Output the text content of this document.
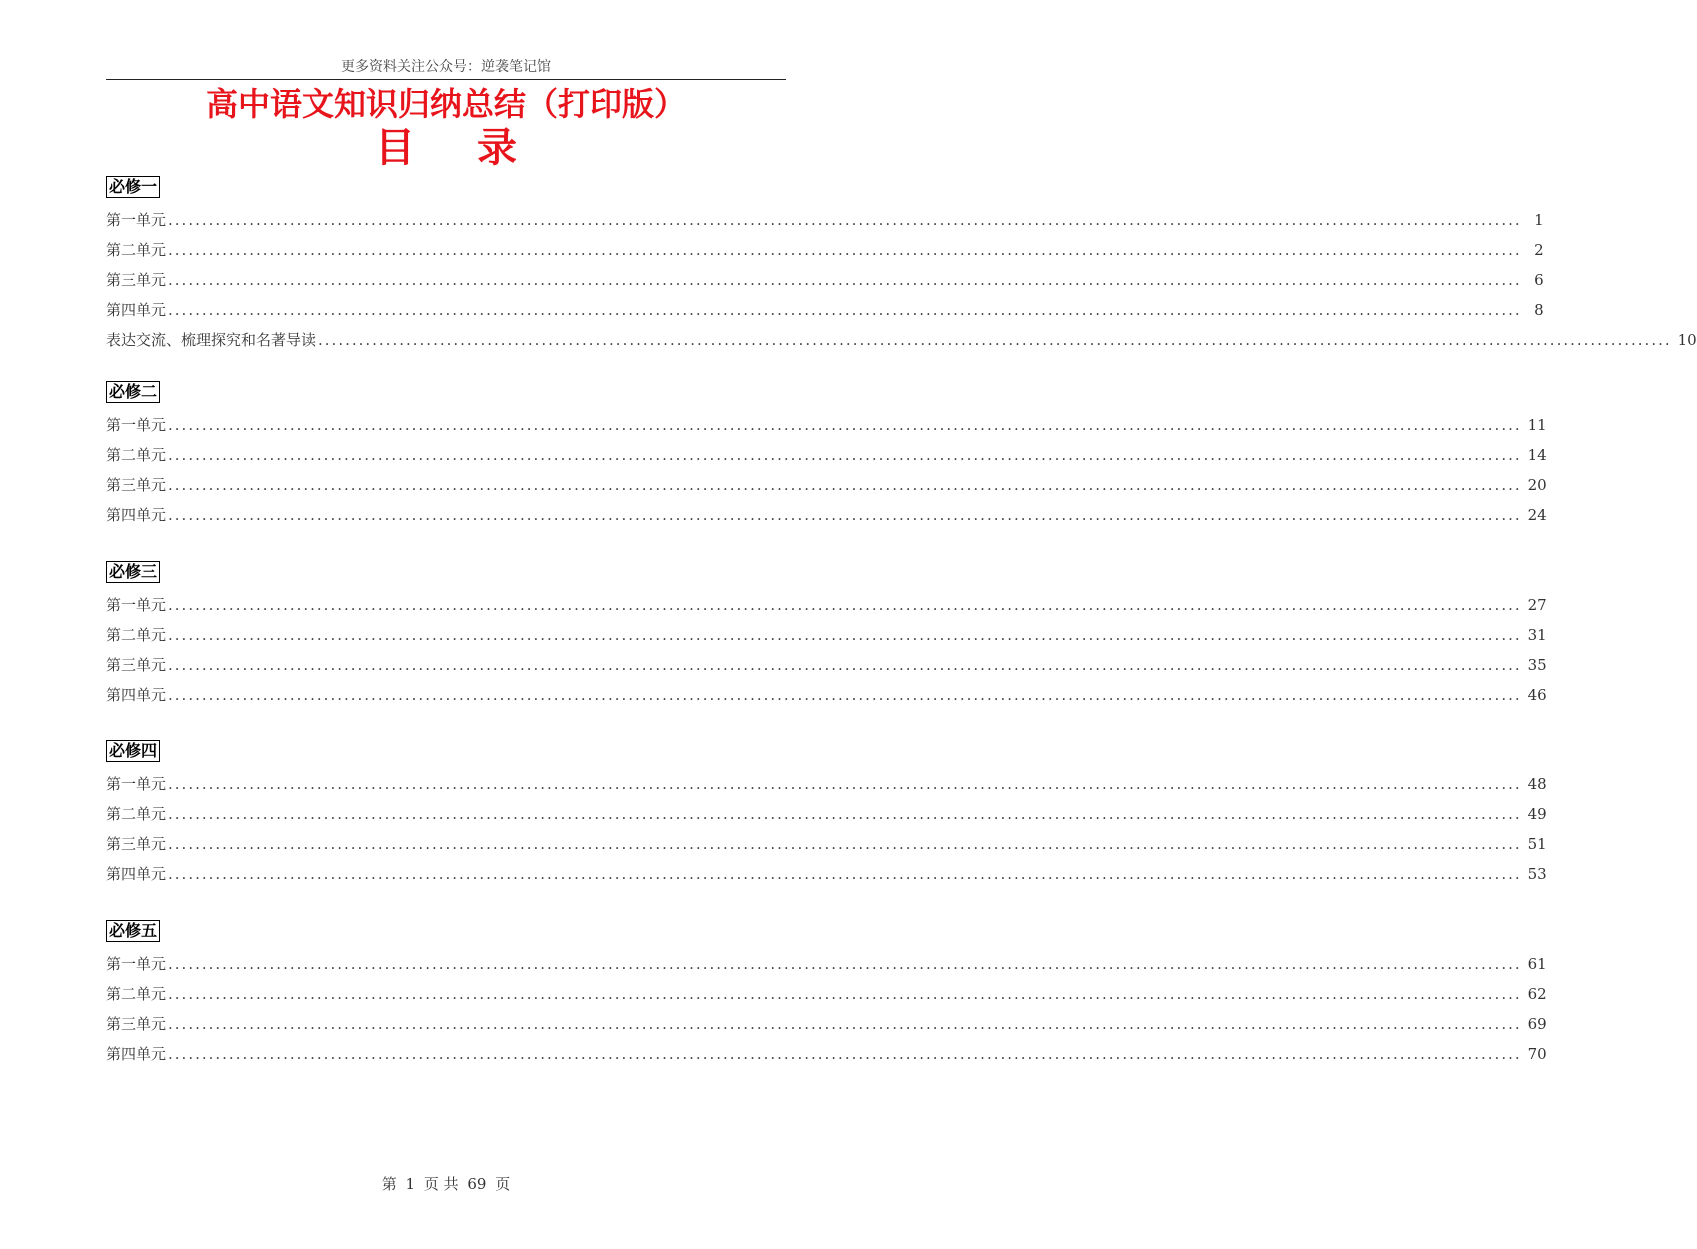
更多资料关注公众号：逆袭笔记馆
高中语文知识归纳总结（打印版）
目录
必修一
第一单元 ........................................................................................................................................................................................................ 1
第二单元 ........................................................................................................................................................................................................ 2
第三单元 ........................................................................................................................................................................................................ 6
第四单元 ........................................................................................................................................................................................................ 8
表达交流、梳理探究和名著导读 ........................................................................................................................................................................................................ 10
必修二
第一单元 ........................................................................................................................................................................................................ 11
第二单元 ........................................................................................................................................................................................................ 14
第三单元 ........................................................................................................................................................................................................ 20
第四单元 ........................................................................................................................................................................................................ 24
必修三
第一单元 ........................................................................................................................................................................................................ 27
第二单元 ........................................................................................................................................................................................................ 31
第三单元 ........................................................................................................................................................................................................ 35
第四单元 ........................................................................................................................................................................................................ 46
必修四
第一单元 ........................................................................................................................................................................................................ 48
第二单元 ........................................................................................................................................................................................................ 49
第三单元 ........................................................................................................................................................................................................ 51
第四单元 ........................................................................................................................................................................................................ 53
必修五
第一单元 ........................................................................................................................................................................................................ 61
第二单元 ........................................................................................................................................................................................................ 62
第三单元 ........................................................................................................................................................................................................ 69
第四单元 ........................................................................................................................................................................................................ 70
第 1 页 共 69 页
